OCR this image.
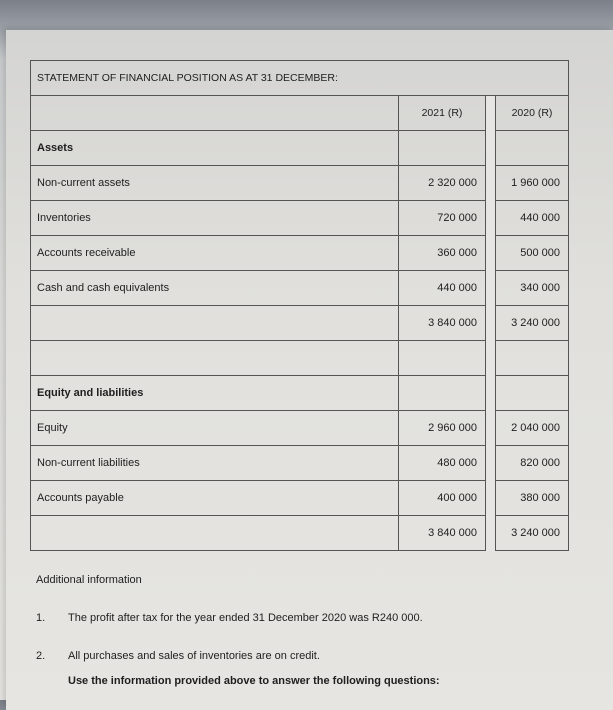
STATEMENT OF FINANCIAL POSITION AS AT 31 DECEMBER:			
	2021 (R)		2020 (R)
Assets			
Non-current assets	2 320 000		1 960 000
Inventories	720 000		440 000
Accounts receivable	360 000		500 000
Cash and cash equivalents	440 000		340 000
	3 840 000		3 240 000

Equity and liabilities			
Equity	2 960 000		2 040 000
Non-current liabilities	480 000		820 000
Accounts payable	400 000		380 000
	3 840 000		3 240 000
Additional information
1. The profit after tax for the year ended 31 December 2020 was R240 000.
2. All purchases and sales of inventories are on credit.
Use the information provided above to answer the following questions:
